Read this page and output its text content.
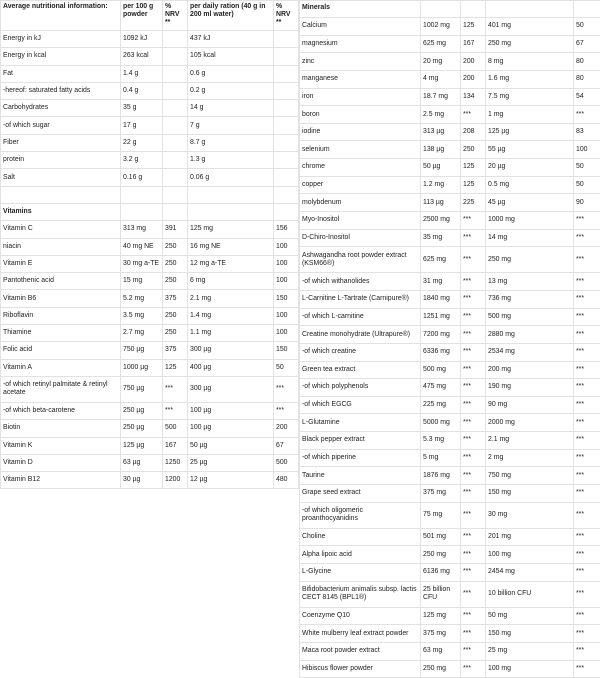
Average nutritional information:	per 100 g powder	% NRV **	per daily ration (40 g in 200 ml water)	% NRV **
Energy in kJ	1092 kJ		437 kJ	
Energy in kcal	263 kcal		105 kcal	
Fat	1.4 g		0.6 g	
-hereof: saturated fatty acids	0.4 g		0.2 g	
Carbohydrates	35 g		14 g	
-of which sugar	17 g		7 g	
Fiber	22 g		8.7 g	
protein	3.2 g		1.3 g	
Salt	0.16 g		0.06 g	

Vitamins				
Vitamin C	313 mg	391	125 mg	156
niacin	40 mg NE	250	16 mg NE	100
Vitamin E	30 mg a-TE	250	12 mg a-TE	100
Pantothenic acid	15 mg	250	6 mg	100
Vitamin B6	5.2 mg	375	2.1 mg	150
Riboflavin	3.5 mg	250	1.4 mg	100
Thiamine	2.7 mg	250	1.1 mg	100
Folic acid	750 µg	375	300 µg	150
Vitamin A	1000 µg	125	400 µg	50
-of which retinyl palmitate & retinyl acetate	750 µg	***	300 µg	***
-of which beta-carotene	250 µg	***	100 µg	***
Biotin	250 µg	500	100 µg	200
Vitamin K	125 µg	167	50 µg	67
Vitamin D	63 µg	1250	25 µg	500
Vitamin B12	30 µg	1200	12 µg	480
Minerals				
Calcium	1002 mg	125	401 mg	50
magnesium	625 mg	167	250 mg	67
zinc	20 mg	200	8 mg	80
manganese	4 mg	200	1.6 mg	80
iron	18.7 mg	134	7.5 mg	54
boron	2.5 mg	***	1 mg	***
iodine	313 µg	208	125 µg	83
selenium	138 µg	250	55 µg	100
chrome	50 µg	125	20 µg	50
copper	1.2 mg	125	0.5 mg	50
molybdenum	113 µg	225	45 µg	90
Myo-Inositol	2500 mg	***	1000 mg	***
D-Chiro-Inositol	35 mg	***	14 mg	***
Ashwagandha root powder extract (KSM66®)	625 mg	***	250 mg	***
-of which withanolides	31 mg	***	13 mg	***
L-Carnitine L-Tartrate (Carnipure®)	1840 mg	***	736 mg	***
-of which L-carnitine	1251 mg	***	500 mg	***
Creatine monohydrate (Ultrapure®)	7200 mg	***	2880 mg	***
-of which creatine	6336 mg	***	2534 mg	***
Green tea extract	500 mg	***	200 mg	***
-of which polyphenols	475 mg	***	190 mg	***
-of which EGCG	225 mg	***	90 mg	***
L-Glutamine	5000 mg	***	2000 mg	***
Black pepper extract	5.3 mg	***	2.1 mg	***
-of which piperine	5 mg	***	2 mg	***
Taurine	1876 mg	***	750 mg	***
Grape seed extract	375 mg	***	150 mg	***
-of which oligomeric proanthocyanidins	75 mg	***	30 mg	***
Choline	501 mg	***	201 mg	***
Alpha lipoic acid	250 mg	***	100 mg	***
L-Glycine	6136 mg	***	2454 mg	***
Bifidobacterium animalis subsp. lactis CECT 8145 (BPL1®)	25 billion CFU	***	10 billion CFU	***
Coenzyme Q10	125 mg	***	50 mg	***
White mulberry leaf extract powder	375 mg	***	150 mg	***
Maca root powder extract	63 mg	***	25 mg	***
Hibiscus flower powder	250 mg	***	100 mg	***
